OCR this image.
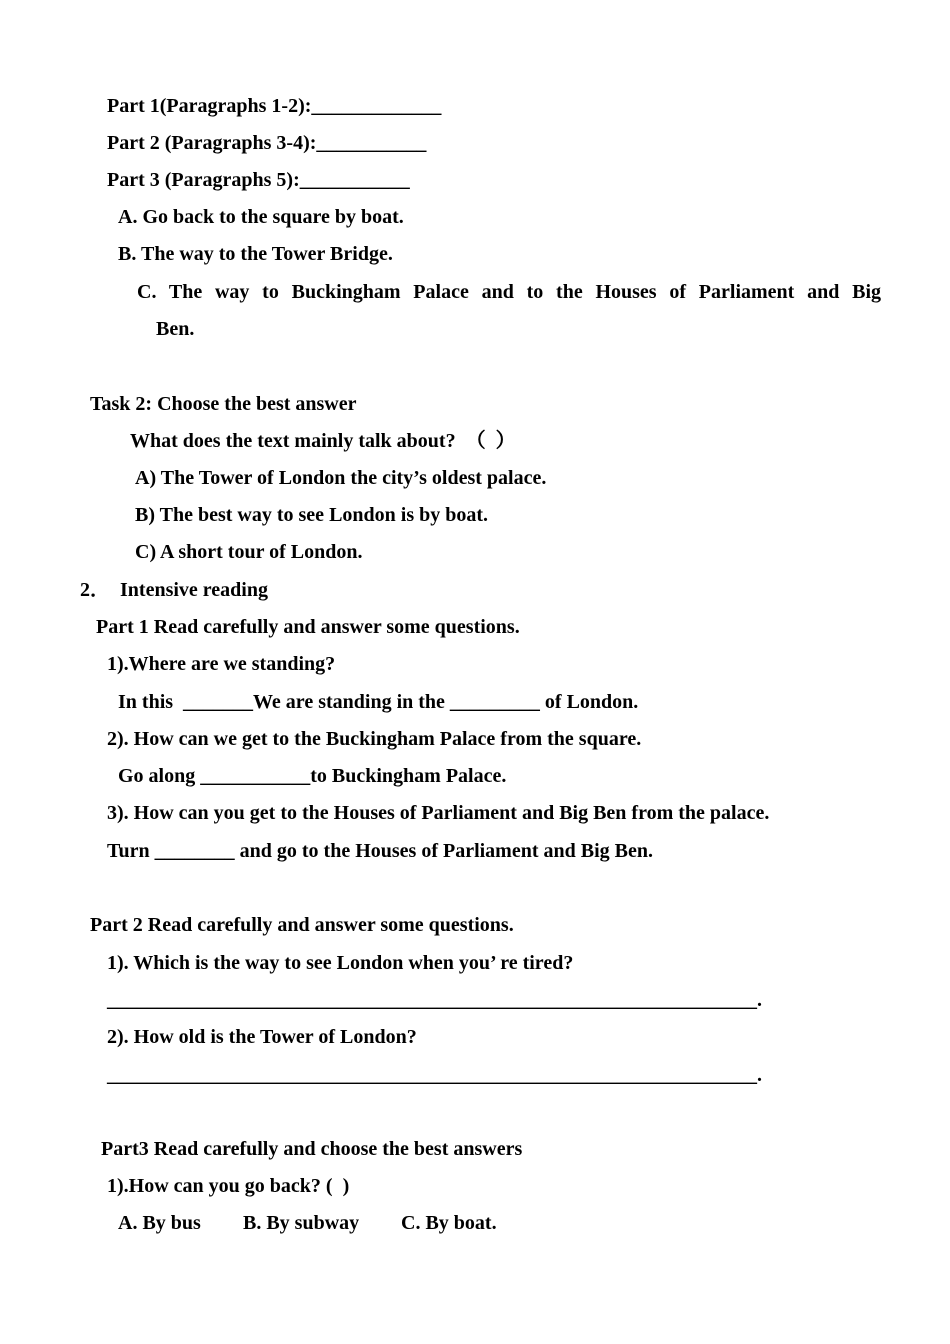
Part 1(Paragraphs 1-2):_____________
Part 2 (Paragraphs 3-4):___________
Part 3 (Paragraphs 5):___________
A. Go back to the square by boat.
B. The way to the Tower Bridge.
C. The way to Buckingham Palace and to the Houses of Parliament and Big
Ben.
Task 2: Choose the best answer
What does the text mainly talk about?  （  ）
A) The Tower of London the city’s oldest palace.
B) The best way to see London is by boat.
C) A short tour of London.
2．  Intensive reading
Part 1 Read carefully and answer some questions.
1).Where are we standing?
In this  _______We are standing in the _________ of London.
2). How can we get to the Buckingham Palace from the square.
Go along ___________to Buckingham Palace.
3). How can you get to the Houses of Parliament and Big Ben from the palace.
Turn ________ and go to the Houses of Parliament and Big Ben.
Part 2 Read carefully and answer some questions.
1). Which is the way to see London when you’ re tired?
_________________________________________________________________.
2). How old is the Tower of London?
_________________________________________________________________.
Part3 Read carefully and choose the best answers
1).How can you go back? (  )
A. By bus B. By subway C. By boat.
